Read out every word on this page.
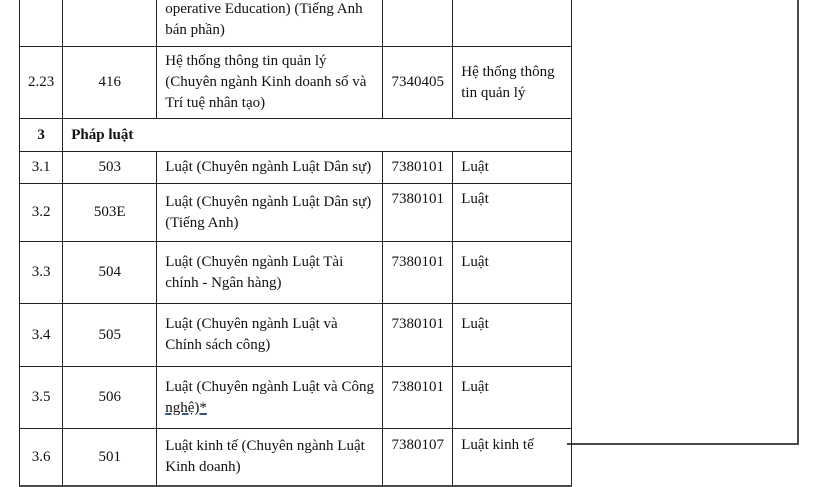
		operative Education) (Tiếng Anh bán phần)		
2.23	416	Hệ thống thông tin quản lý (Chuyên ngành Kinh doanh số và Trí tuệ nhân tạo)	7340405	Hệ thống thông tin quản lý
3	Pháp luật			
3.1	503	Luật (Chuyên ngành Luật Dân sự)	7380101	Luật
3.2	503E	Luật (Chuyên ngành Luật Dân sự) (Tiếng Anh)	7380101	Luật
3.3	504	Luật (Chuyên ngành Luật Tài chính - Ngân hàng)	7380101	Luật
3.4	505	Luật (Chuyên ngành Luật và Chính sách công)	7380101	Luật
3.5	506	Luật (Chuyên ngành Luật và Công nghệ)*	7380101	Luật
3.6	501	Luật kinh tế (Chuyên ngành Luật Kinh doanh)	7380107	Luật kinh tế
